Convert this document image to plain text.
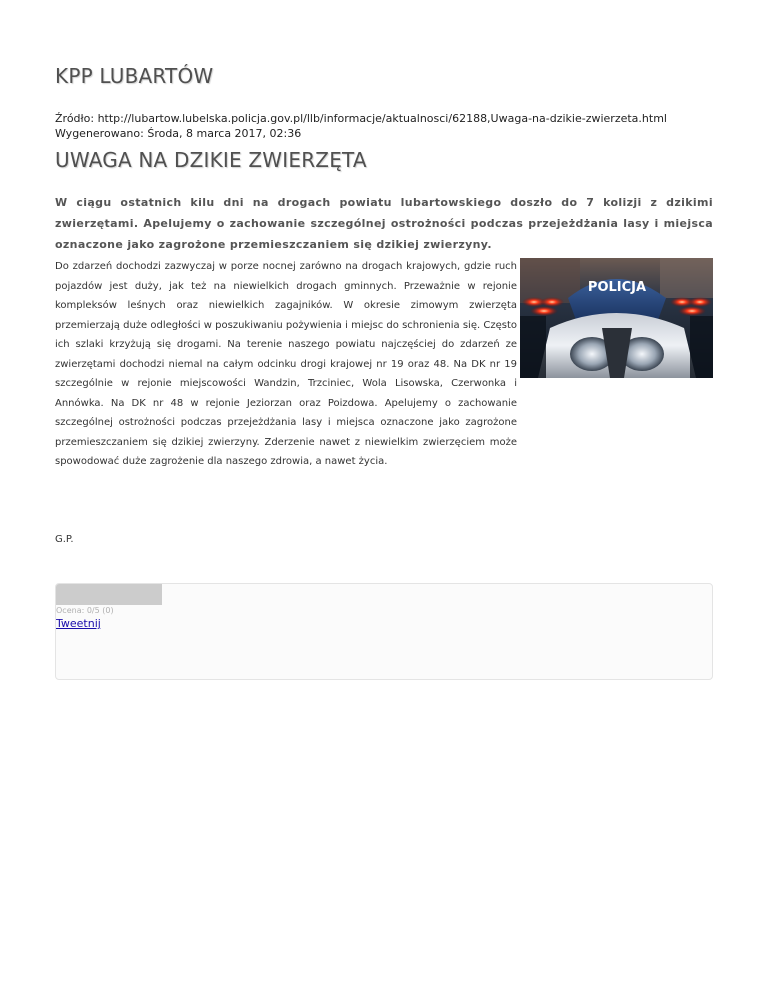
KPP LUBARTÓW
Źródło: http://lubartow.lubelska.policja.gov.pl/llb/informacje/aktualnosci/62188,Uwaga-na-dzikie-zwierzeta.html
Wygenerowano: Środa, 8 marca 2017, 02:36
UWAGA NA DZIKIE ZWIERZĘTA

W ciągu ostatnich kilu dni na drogach powiatu lubartowskiego doszło do 7 kolizji z dzikimi zwierzętami. Apelujemy o zachowanie szczególnej ostrożności podczas przejeżdżania lasy i miejsca oznaczone jako zagrożone przemieszczaniem się dzikiej zwierzyny.

Do zdarzeń dochodzi zazwyczaj w porze nocnej zarówno na drogach krajowych, gdzie ruch pojazdów jest duży, jak też na niewielkich drogach gminnych. Przeważnie w rejonie kompleksów leśnych oraz niewielkich zagajników. W okresie zimowym zwierzęta przemierzają duże odległości w poszukiwaniu pożywienia i miejsc do schronienia się. Często ich szlaki krzyżują się drogami. Na terenie naszego powiatu najczęściej do zdarzeń ze zwierzętami dochodzi niemal na całym odcinku drogi krajowej nr 19 oraz 48. Na DK nr 19 szczególnie w rejonie miejscowości Wandzin, Trzciniec, Wola Lisowska, Czerwonka i Annówka. Na DK nr 48 w rejonie Jeziorzan oraz Poizdowa. Apelujemy o zachowanie szczególnej ostrożności podczas przejeżdżania lasy i miejsca oznaczone jako zagrożone przemieszczaniem się dzikiej zwierzyny. Zderzenie nawet z niewielkim zwierzęciem może spowodować duże zagrożenie dla naszego zdrowia, a nawet życia.

POLICJA
G.P.
Ocena: 0/5 (0)
Tweetnij
